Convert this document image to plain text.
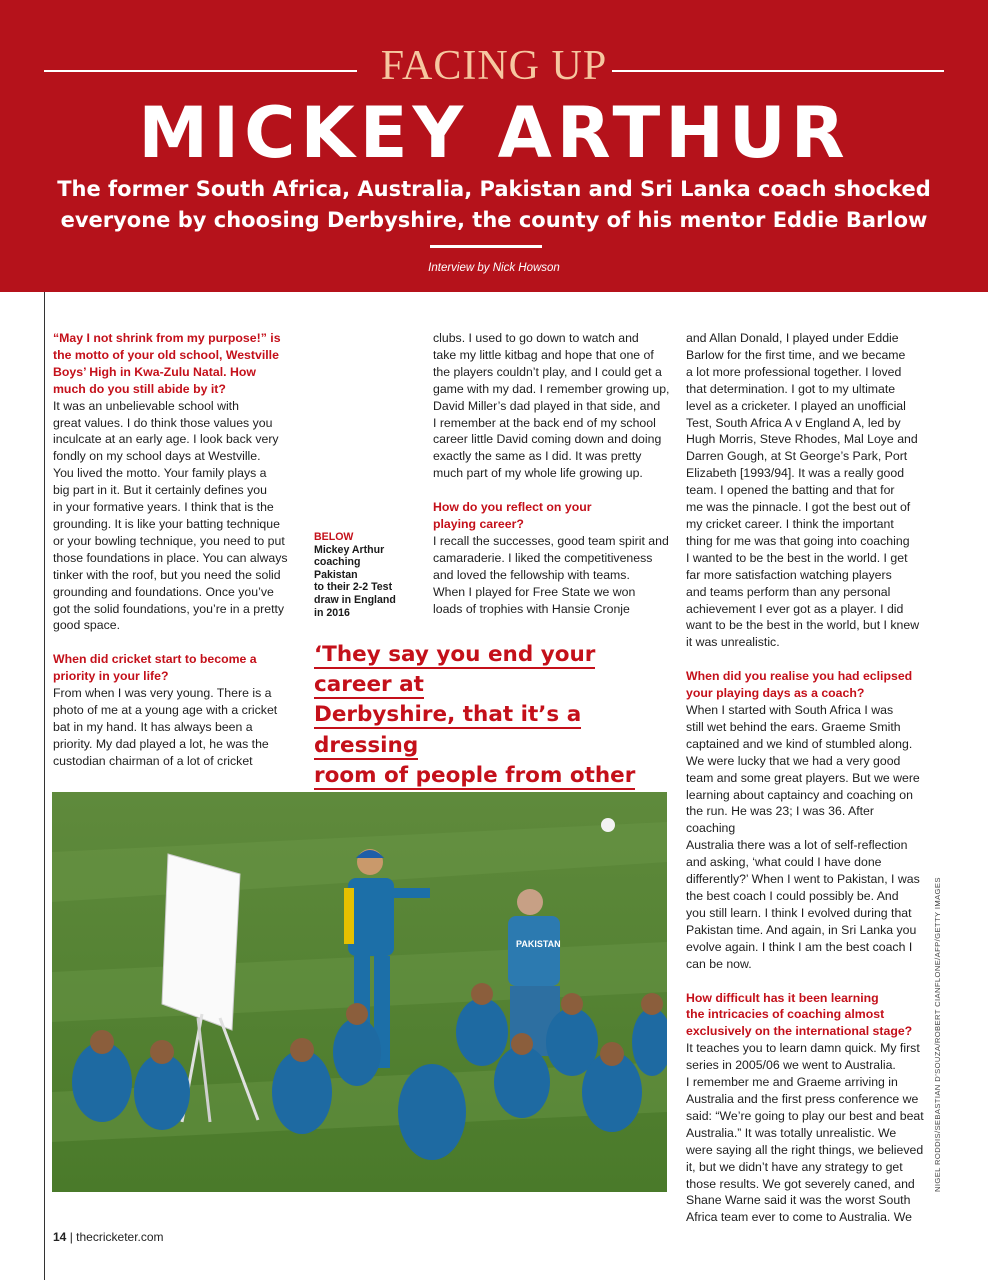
FACING UP
MICKEY ARTHUR
The former South Africa, Australia, Pakistan and Sri Lanka coach shocked
everyone by choosing Derbyshire, the county of his mentor Eddie Barlow
Interview by Nick Howson
“May I not shrink from my purpose!” is
the motto of your old school, Westville
Boys’ High in Kwa-Zulu Natal. How
much do you still abide by it?
It was an unbelievable school with
great values. I do think those values you
inculcate at an early age. I look back very
fondly on my school days at Westville.
You lived the motto. Your family plays a
big part in it. But it certainly defines you
in your formative years. I think that is the
grounding. It is like your batting technique
or your bowling technique, you need to put
those foundations in place. You can always
tinker with the roof, but you need the solid
grounding and foundations. Once you’ve
got the solid foundations, you’re in a pretty
good space.
When did cricket start to become a
priority in your life?
From when I was very young. There is a
photo of me at a young age with a cricket
bat in my hand. It has always been a
priority. My dad played a lot, he was the
custodian chairman of a lot of cricket
BELOW
Mickey Arthur
coaching Pakistan
to their 2-2 Test
draw in England
in 2016
clubs. I used to go down to watch and
take my little kitbag and hope that one of
the players couldn’t play, and I could get a
game with my dad. I remember growing up,
David Miller’s dad played in that side, and
I remember at the back end of my school
career little David coming down and doing
exactly the same as I did. It was pretty
much part of my whole life growing up.
How do you reflect on your
playing career?
I recall the successes, good team spirit and
camaraderie. I liked the competitiveness
and loved the fellowship with teams.
When I played for Free State we won
loads of trophies with Hansie Cronje
‘They say you end your career at
Derbyshire, that it’s a dressing
room of people from other
and Allan Donald, I played under Eddie
Barlow for the first time, and we became
a lot more professional together. I loved
that determination. I got to my ultimate
level as a cricketer. I played an unofficial
Test, South Africa A v England A, led by
Hugh Morris, Steve Rhodes, Mal Loye and
Darren Gough, at St George’s Park, Port
Elizabeth [1993/94]. It was a really good
team. I opened the batting and that for
me was the pinnacle. I got the best out of
my cricket career. I think the important
thing for me was that going into coaching
I wanted to be the best in the world. I get
far more satisfaction watching players
and teams perform than any personal
achievement I ever got as a player. I did
want to be the best in the world, but I knew
it was unrealistic.
When did you realise you had eclipsed
your playing days as a coach?
When I started with South Africa I was
still wet behind the ears. Graeme Smith
captained and we kind of stumbled along.
We were lucky that we had a very good
team and some great players. But we were
learning about captaincy and coaching on
the run. He was 23; I was 36. After coaching
Australia there was a lot of self-reflection
and asking, ‘what could I have done
differently?’ When I went to Pakistan, I was
the best coach I could possibly be. And
you still learn. I think I evolved during that
Pakistan time. And again, in Sri Lanka you
evolve again. I think I am the best coach I
can be now.
How difficult has it been learning
the intricacies of coaching almost
exclusively on the international stage?
It teaches you to learn damn quick. My first
series in 2005/06 we went to Australia.
I remember me and Graeme arriving in
Australia and the first press conference we
said: “We’re going to play our best and beat
Australia.” It was totally unrealistic. We
were saying all the right things, we believed
it, but we didn’t have any strategy to get
those results. We got severely caned, and
Shane Warne said it was the worst South
Africa team ever to come to Australia. We
PAKISTAN	NIGEL RODDIS/SEBASTIAN D’SOUZA/ROBERT CIANFLONE/AFP/GETTY IMAGES
14 | thecricketer.com
